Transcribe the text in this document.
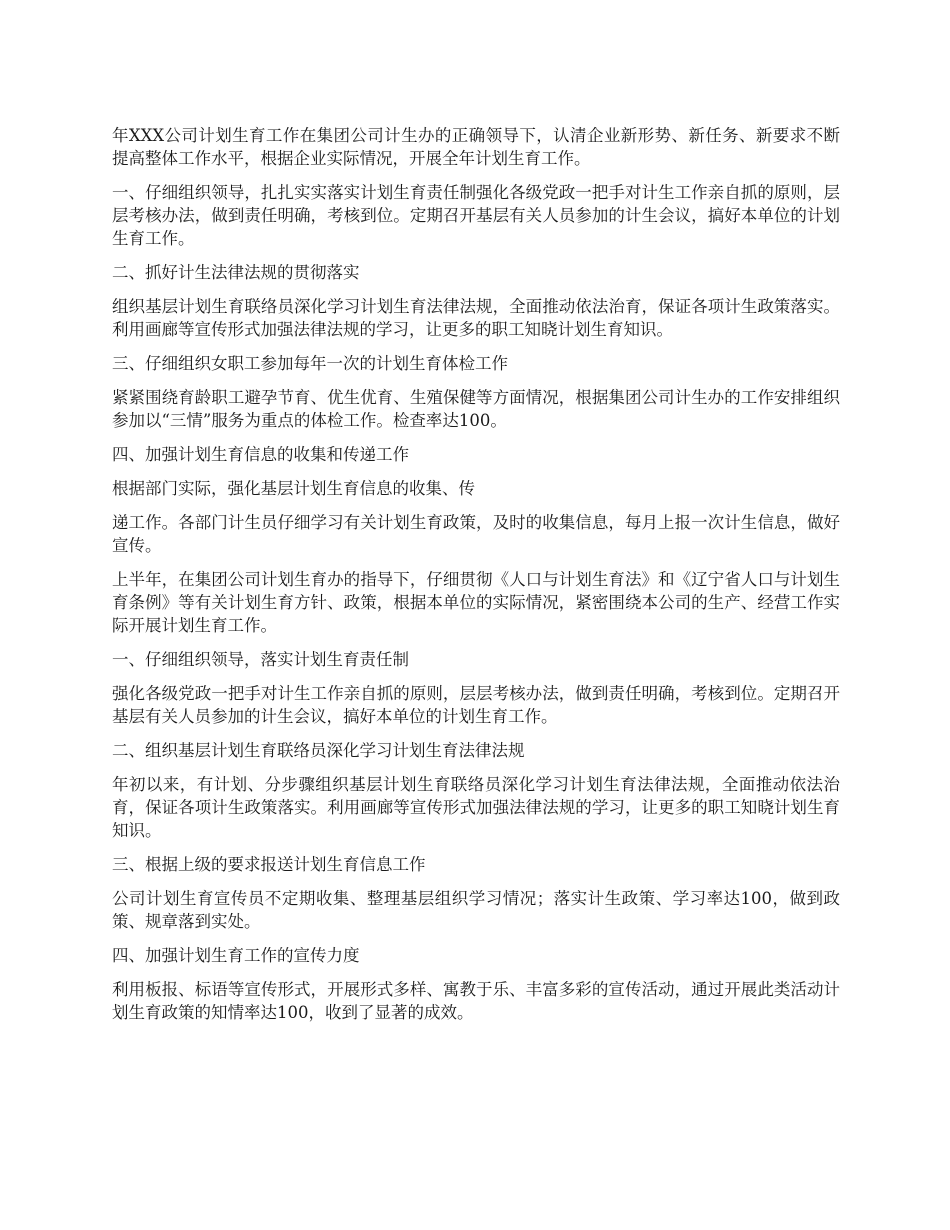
年XXX公司计划生育工作在集团公司计生办的正确领导下，认清企业新形势、新任务、新要求不断提高整体工作水平，根据企业实际情况，开展全年计划生育工作。

一、仔细组织领导，扎扎实实落实计划生育责任制强化各级党政一把手对计生工作亲自抓的原则，层层考核办法，做到责任明确，考核到位。定期召开基层有关人员参加的计生会议，搞好本单位的计划生育工作。

二、抓好计生法律法规的贯彻落实

组织基层计划生育联络员深化学习计划生育法律法规，全面推动依法治育，保证各项计生政策落实。利用画廊等宣传形式加强法律法规的学习，让更多的职工知晓计划生育知识。

三、仔细组织女职工参加每年一次的计划生育体检工作

紧紧围绕育龄职工避孕节育、优生优育、生殖保健等方面情况，根据集团公司计生办的工作安排组织参加以“三情”服务为重点的体检工作。检查率达100。

四、加强计划生育信息的收集和传递工作

根据部门实际，强化基层计划生育信息的收集、传

递工作。各部门计生员仔细学习有关计划生育政策，及时的收集信息，每月上报一次计生信息，做好宣传。

上半年，在集团公司计划生育办的指导下，仔细贯彻《人口与计划生育法》和《辽宁省人口与计划生育条例》等有关计划生育方针、政策，根据本单位的实际情况，紧密围绕本公司的生产、经营工作实际开展计划生育工作。

一、仔细组织领导，落实计划生育责任制

强化各级党政一把手对计生工作亲自抓的原则，层层考核办法，做到责任明确，考核到位。定期召开基层有关人员参加的计生会议，搞好本单位的计划生育工作。

二、组织基层计划生育联络员深化学习计划生育法律法规

年初以来，有计划、分步骤组织基层计划生育联络员深化学习计划生育法律法规，全面推动依法治育，保证各项计生政策落实。利用画廊等宣传形式加强法律法规的学习，让更多的职工知晓计划生育知识。

三、根据上级的要求报送计划生育信息工作

公司计划生育宣传员不定期收集、整理基层组织学习情况；落实计生政策、学习率达100，做到政策、规章落到实处。

四、加强计划生育工作的宣传力度

利用板报、标语等宣传形式，开展形式多样、寓教于乐、丰富多彩的宣传活动，通过开展此类活动计划生育政策的知情率达100，收到了显著的成效。
